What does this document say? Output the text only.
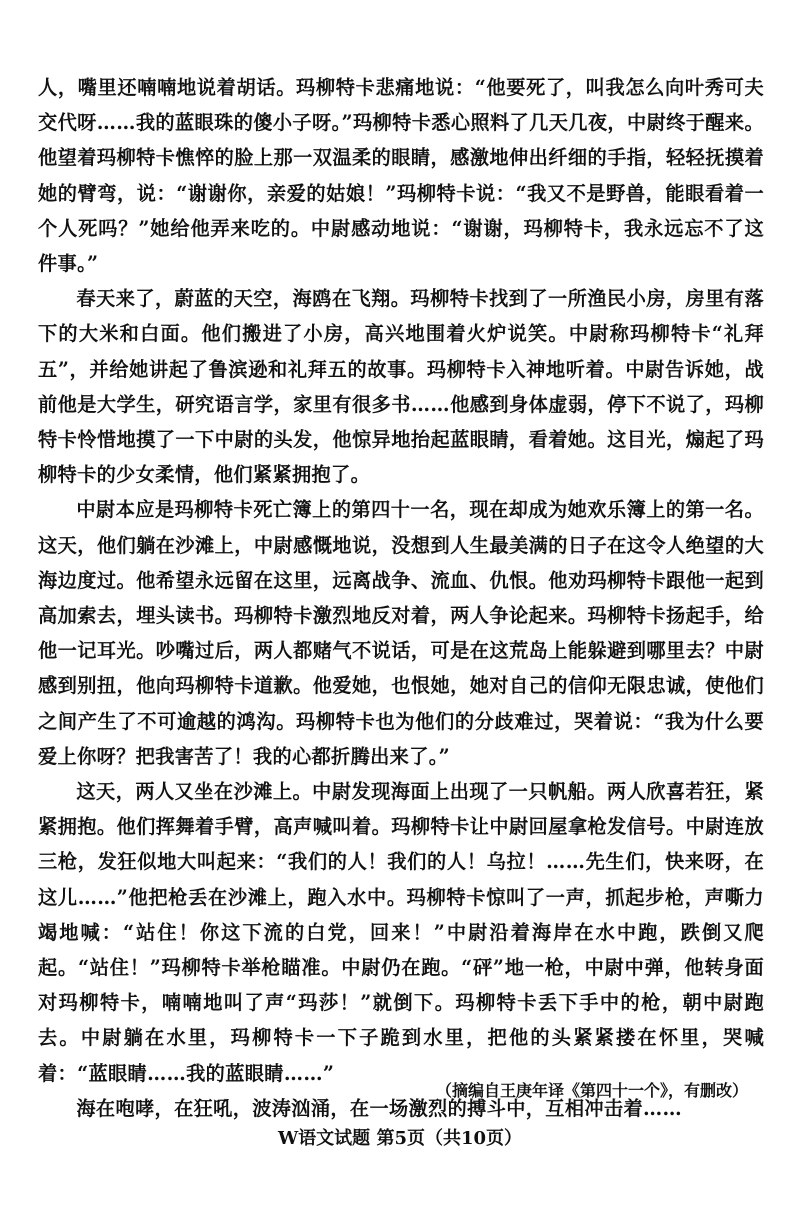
人，嘴里还喃喃地说着胡话。玛柳特卡悲痛地说：“他要死了，叫我怎么向叶秀可夫交代呀……我的蓝眼珠的傻小子呀。”玛柳特卡悉心照料了几天几夜，中尉终于醒来。他望着玛柳特卡憔悴的脸上那一双温柔的眼睛，感激地伸出纤细的手指，轻轻抚摸着她的臂弯，说：“谢谢你，亲爱的姑娘！”玛柳特卡说：“我又不是野兽，能眼看着一个人死吗？”她给他弄来吃的。中尉感动地说：“谢谢，玛柳特卡，我永远忘不了这件事。”

春天来了，蔚蓝的天空，海鸥在飞翔。玛柳特卡找到了一所渔民小房，房里有落下的大米和白面。他们搬进了小房，高兴地围着火炉说笑。中尉称玛柳特卡“礼拜五”，并给她讲起了鲁滨逊和礼拜五的故事。玛柳特卡入神地听着。中尉告诉她，战前他是大学生，研究语言学，家里有很多书……他感到身体虚弱，停下不说了，玛柳特卡怜惜地摸了一下中尉的头发，他惊异地抬起蓝眼睛，看着她。这目光，煽起了玛柳特卡的少女柔情，他们紧紧拥抱了。

中尉本应是玛柳特卡死亡簿上的第四十一名，现在却成为她欢乐簿上的第一名。这天，他们躺在沙滩上，中尉感慨地说，没想到人生最美满的日子在这令人绝望的大海边度过。他希望永远留在这里，远离战争、流血、仇恨。他劝玛柳特卡跟他一起到高加索去，埋头读书。玛柳特卡激烈地反对着，两人争论起来。玛柳特卡扬起手，给他一记耳光。吵嘴过后，两人都赌气不说话，可是在这荒岛上能躲避到哪里去？中尉感到别扭，他向玛柳特卡道歉。他爱她，也恨她，她对自己的信仰无限忠诚，使他们之间产生了不可逾越的鸿沟。玛柳特卡也为他们的分歧难过，哭着说：“我为什么要爱上你呀？把我害苦了！我的心都折腾出来了。”

这天，两人又坐在沙滩上。中尉发现海面上出现了一只帆船。两人欣喜若狂，紧紧拥抱。他们挥舞着手臂，高声喊叫着。玛柳特卡让中尉回屋拿枪发信号。中尉连放三枪，发狂似地大叫起来：“我们的人！我们的人！乌拉！……先生们，快来呀，在这儿……”他把枪丢在沙滩上，跑入水中。玛柳特卡惊叫了一声，抓起步枪，声嘶力竭地喊：“站住！你这下流的白党，回来！”中尉沿着海岸在水中跑，跌倒又爬起。“站住！”玛柳特卡举枪瞄准。中尉仍在跑。“砰”地一枪，中尉中弹，他转身面对玛柳特卡，喃喃地叫了声“玛莎！”就倒下。玛柳特卡丢下手中的枪，朝中尉跑去。中尉躺在水里，玛柳特卡一下子跪到水里，把他的头紧紧搂在怀里，哭喊着：“蓝眼睛……我的蓝眼睛……”

海在咆哮，在狂吼，波涛汹涌，在一场激烈的搏斗中，互相冲击着……

（摘编自王庚年译《第四十一个》，有删改）
W语文试题 第5页（共10页）
